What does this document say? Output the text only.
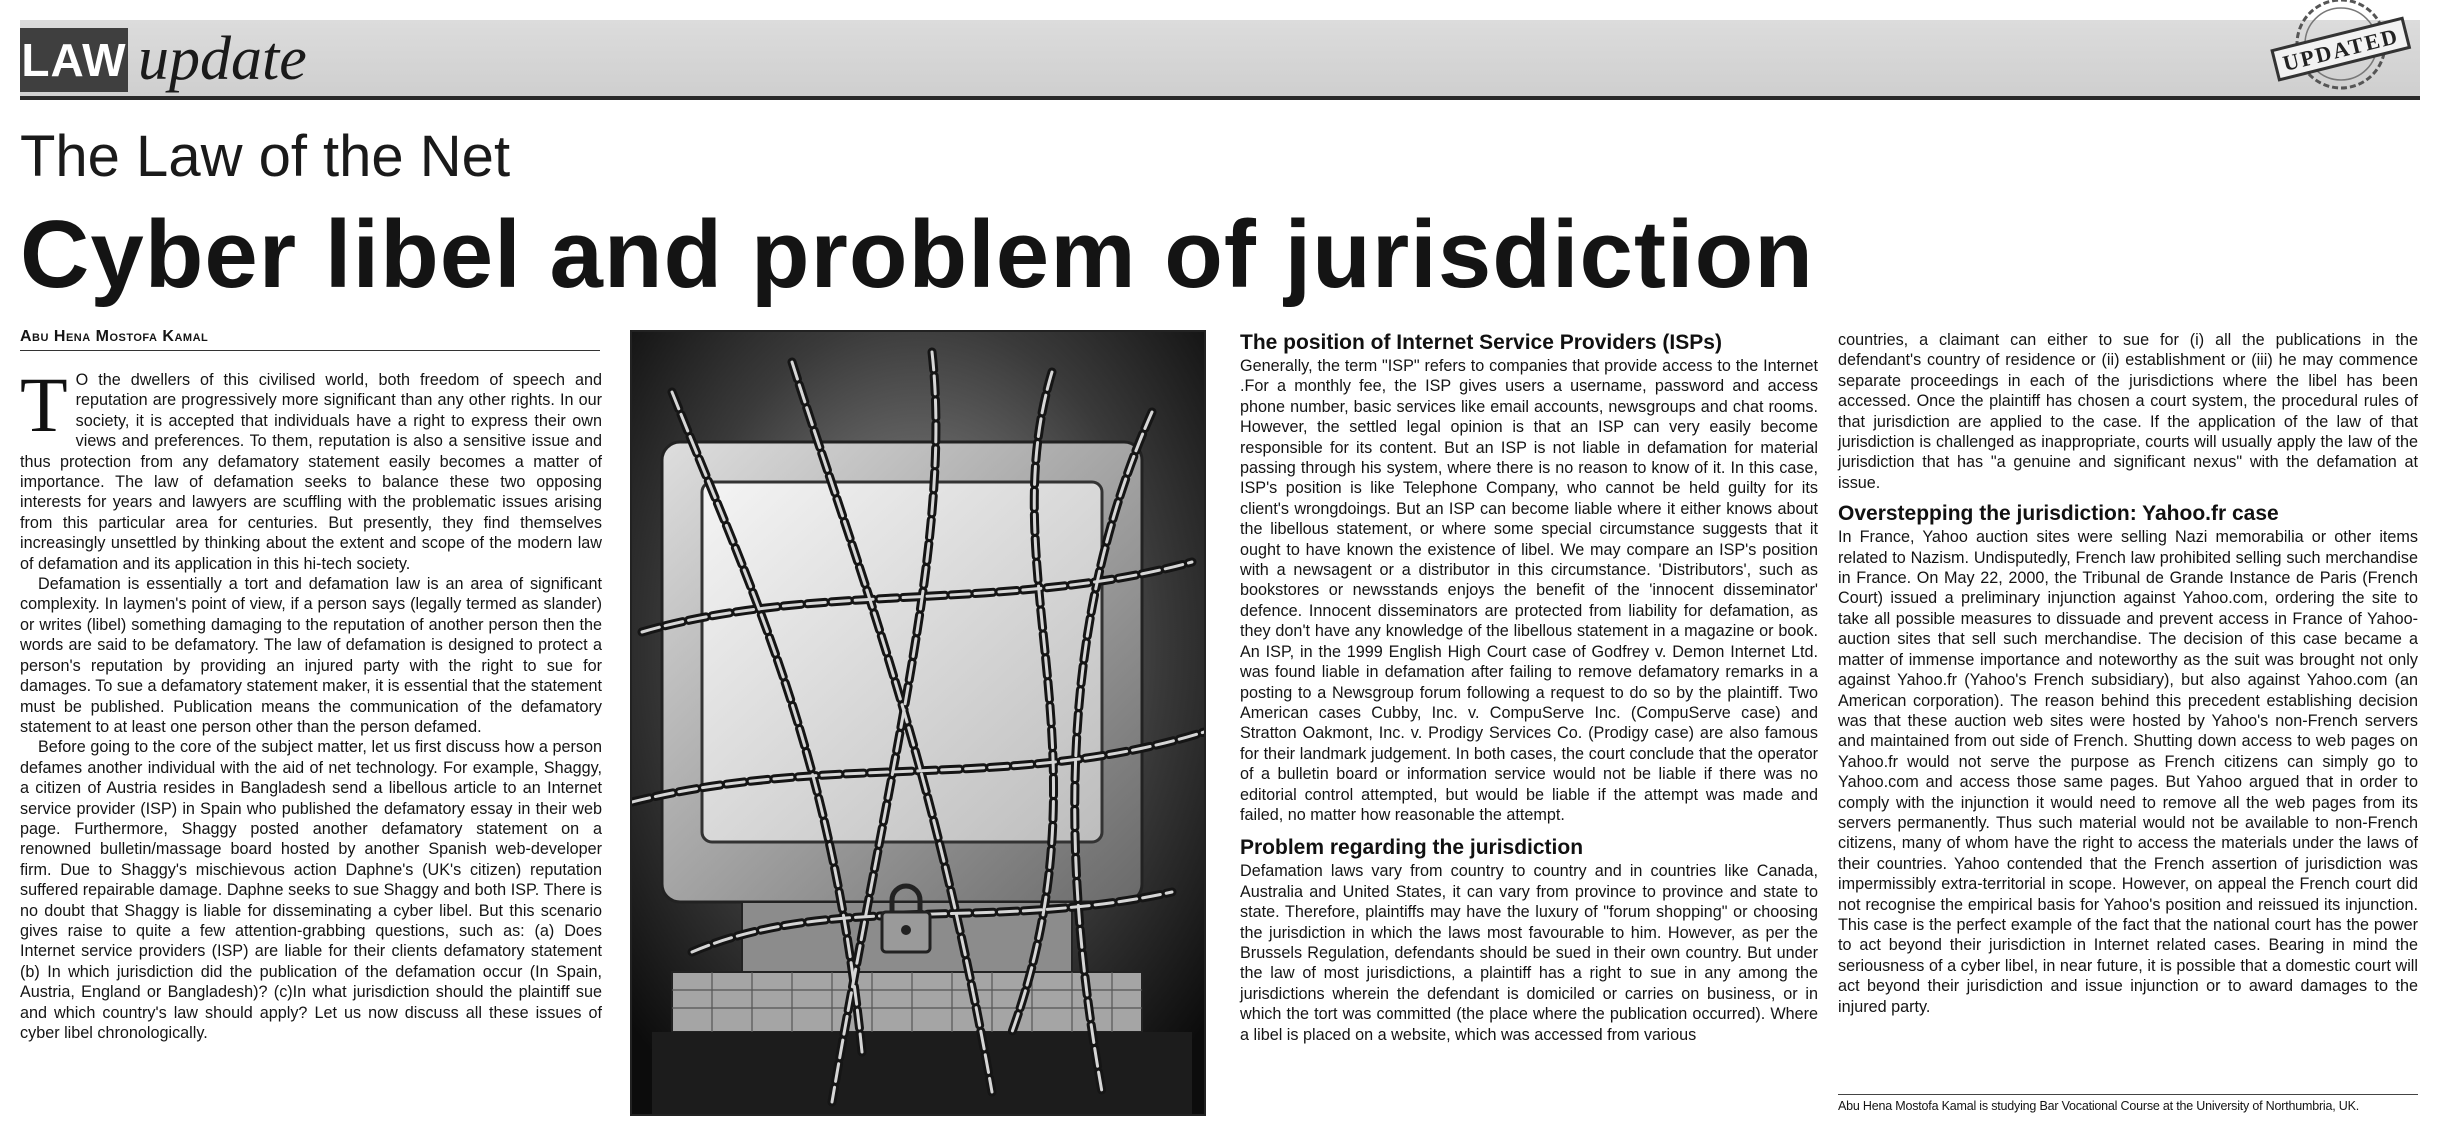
LAW update	UPDATED
The Law of the Net
Cyber libel and problem of jurisdiction
Abu Hena Mostofa Kamal

T O the dwellers of this civilised world, both freedom of speech and reputation are progressively more significant than any other rights. In our society, it is accepted that individuals have a right to express their own views and preferences. To them, reputation is also a sensitive issue and thus protection from any defamatory statement easily becomes a matter of importance. The law of defamation seeks to balance these two opposing interests for years and lawyers are scuffling with the problematic issues arising from this particular area for centuries. But presently, they find themselves increasingly unsettled by thinking about the extent and scope of the modern law of defamation and its application in this hi-tech society.

Defamation is essentially a tort and defamation law is an area of significant complexity. In laymen's point of view, if a person says (legally termed as slander) or writes (libel) something damaging to the reputation of another person then the words are said to be defamatory. The law of defamation is designed to protect a person's reputation by providing an injured party with the right to sue for damages. To sue a defamatory statement maker, it is essential that the statement must be published. Publication means the communication of the defamatory statement to at least one person other than the person defamed.

Before going to the core of the subject matter, let us first discuss how a person defames another individual with the aid of net technology. For example, Shaggy, a citizen of Austria resides in Bangladesh send a libellous article to an Internet service provider (ISP) in Spain who published the defamatory essay in their web page. Furthermore, Shaggy posted another defamatory statement on a renowned bulletin/massage board hosted by another Spanish web-developer firm. Due to Shaggy's mischievous action Daphne's (UK's citizen) reputation suffered repairable damage. Daphne seeks to sue Shaggy and both ISP. There is no doubt that Shaggy is liable for disseminating a cyber libel. But this scenario gives raise to quite a few attention-grabbing questions, such as: (a) Does Internet service providers (ISP) are liable for their clients defamatory statement (b) In which jurisdiction did the publication of the defamation occur (In Spain, Austria, England or Bangladesh)? (c)In what jurisdiction should the plaintiff sue and which country's law should apply? Let us now discuss all these issues of cyber libel chronologically.

The position of Internet Service Providers (ISPs)

Generally, the term "ISP" refers to companies that provide access to the Internet .For a monthly fee, the ISP gives users a username, password and access phone number, basic services like email accounts, newsgroups and chat rooms. However, the settled legal opinion is that an ISP can very easily become responsible for its content. But an ISP is not liable in defamation for material passing through his system, where there is no reason to know of it. In this case, ISP's position is like Telephone Company, who cannot be held guilty for its client's wrongdoings. But an ISP can become liable where it either knows about the libellous statement, or where some special circumstance suggests that it ought to have known the existence of libel. We may compare an ISP's position with a newsagent or a distributor in this circumstance. 'Distributors', such as bookstores or newsstands enjoys the benefit of the 'innocent disseminator' defence. Innocent disseminators are protected from liability for defamation, as they don't have any knowledge of the libellous statement in a magazine or book. An ISP, in the 1999 English High Court case of Godfrey v. Demon Internet Ltd. was found liable in defamation after failing to remove defamatory remarks in a posting to a Newsgroup forum following a request to do so by the plaintiff. Two American cases Cubby, Inc. v. CompuServe Inc. (CompuServe case) and Stratton Oakmont, Inc. v. Prodigy Services Co. (Prodigy case) are also famous for their landmark judgement. In both cases, the court conclude that the operator of a bulletin board or information service would not be liable if there was no editorial control attempted, but would be liable if the attempt was made and failed, no matter how reasonable the attempt.

Problem regarding the jurisdiction

Defamation laws vary from country to country and in countries like Canada, Australia and United States, it can vary from province to province and state to state. Therefore, plaintiffs may have the luxury of "forum shopping" or choosing the jurisdiction in which the laws most favourable to him. However, as per the Brussels Regulation, defendants should be sued in their own country. But under the law of most jurisdictions, a plaintiff has a right to sue in any among the jurisdictions wherein the defendant is domiciled or carries on business, or in which the tort was committed (the place where the publication occurred). Where a libel is placed on a website, which was accessed from various

countries, a claimant can either to sue for (i) all the publications in the defendant's country of residence or (ii) establishment or (iii) he may commence separate proceedings in each of the jurisdictions where the libel has been accessed. Once the plaintiff has chosen a court system, the procedural rules of that jurisdiction are applied to the case. If the application of the law of that jurisdiction is challenged as inappropriate, courts will usually apply the law of the jurisdiction that has "a genuine and significant nexus" with the defamation at issue.

Overstepping the jurisdiction: Yahoo.fr case

In France, Yahoo auction sites were selling Nazi memorabilia or other items related to Nazism. Undisputedly, French law prohibited selling such merchandise in France. On May 22, 2000, the Tribunal de Grande Instance de Paris (French Court) issued a preliminary injunction against Yahoo.com, ordering the site to take all possible measures to dissuade and prevent access in France of Yahoo- auction sites that sell such merchandise. The decision of this case became a matter of immense importance and noteworthy as the suit was brought not only against Yahoo.fr (Yahoo's French subsidiary), but also against Yahoo.com (an American corporation). The reason behind this precedent establishing decision was that these auction web sites were hosted by Yahoo's non-French servers and maintained from out side of French. Shutting down access to web pages on Yahoo.fr would not serve the purpose as French citizens can simply go to Yahoo.com and access those same pages. But Yahoo argued that in order to comply with the injunction it would need to remove all the web pages from its servers permanently. Thus such material would not be available to non-French citizens, many of whom have the right to access the materials under the laws of their countries. Yahoo contended that the French assertion of jurisdiction was impermissibly extra-territorial in scope. However, on appeal the French court did not recognise the empirical basis for Yahoo's position and reissued its injunction. This case is the perfect example of the fact that the national court has the power to act beyond their jurisdiction in Internet related cases. Bearing in mind the seriousness of a cyber libel, in near future, it is possible that a domestic court will act beyond their jurisdiction and issue injunction or to award damages to the injured party.

Abu Hena Mostofa Kamal is studying Bar Vocational Course at the University of Northumbria, UK.
